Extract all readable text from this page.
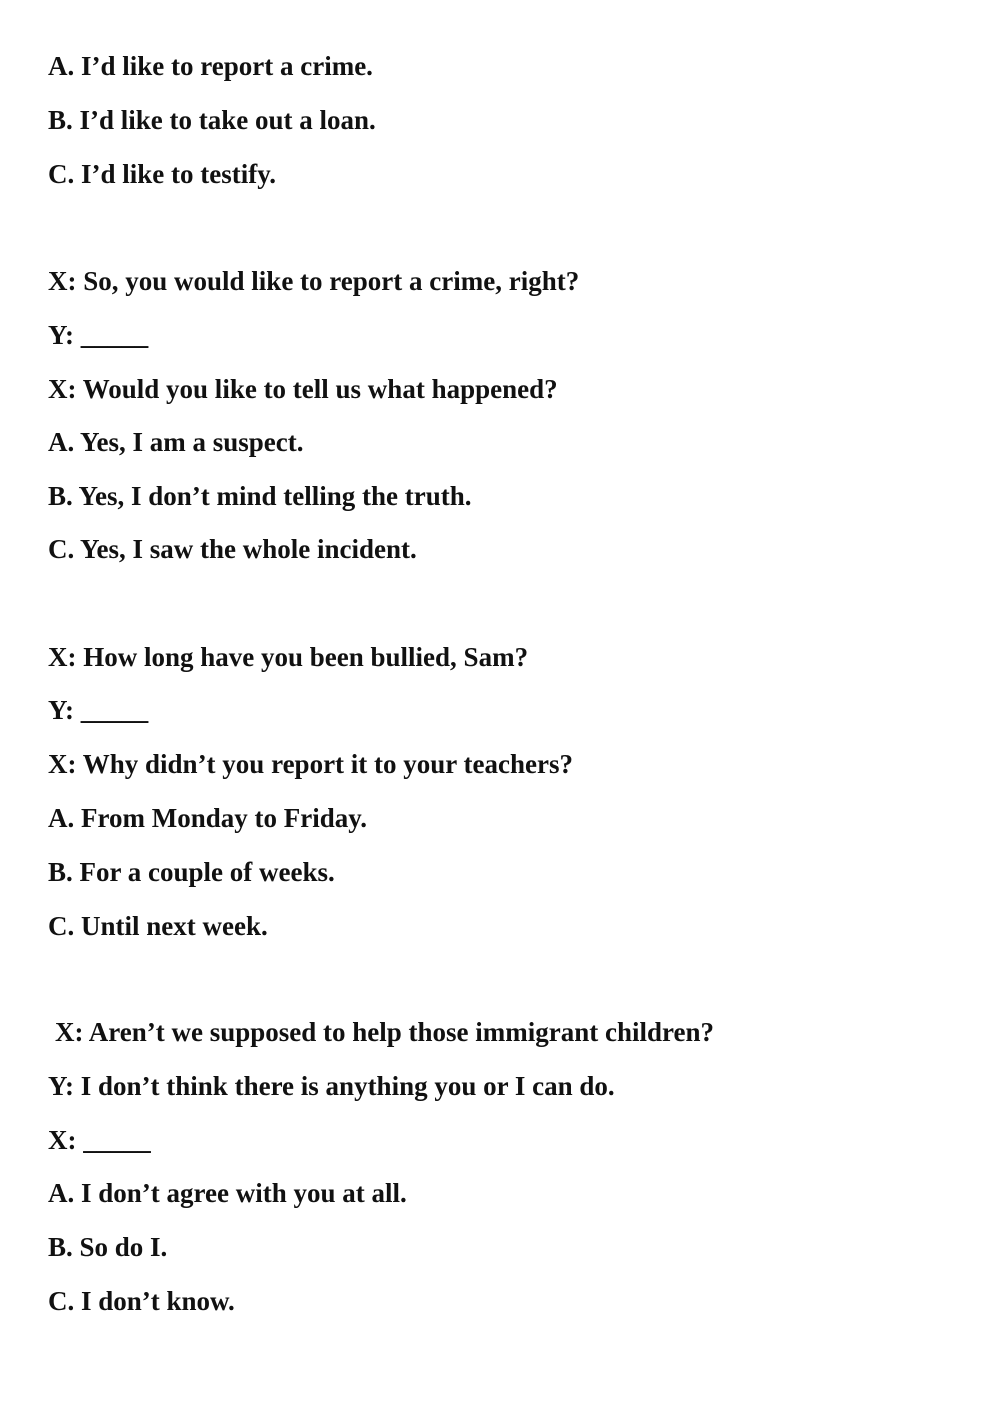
A. I’d like to report a crime.
B. I’d like to take out a loan.
C. I’d like to testify.
X: So, you would like to report a crime, right?
Y: _____
X: Would you like to tell us what happened?
A. Yes, I am a suspect.
B. Yes, I don’t mind telling the truth.
C. Yes, I saw the whole incident.
X: How long have you been bullied, Sam?
Y: _____
X: Why didn’t you report it to your teachers?
A. From Monday to Friday.
B. For a couple of weeks.
C. Until next week.
X: Aren’t we supposed to help those immigrant children?
Y: I don’t think there is anything you or I can do.
X: _____
A. I don’t agree with you at all.
B. So do I.
C. I don’t know.
